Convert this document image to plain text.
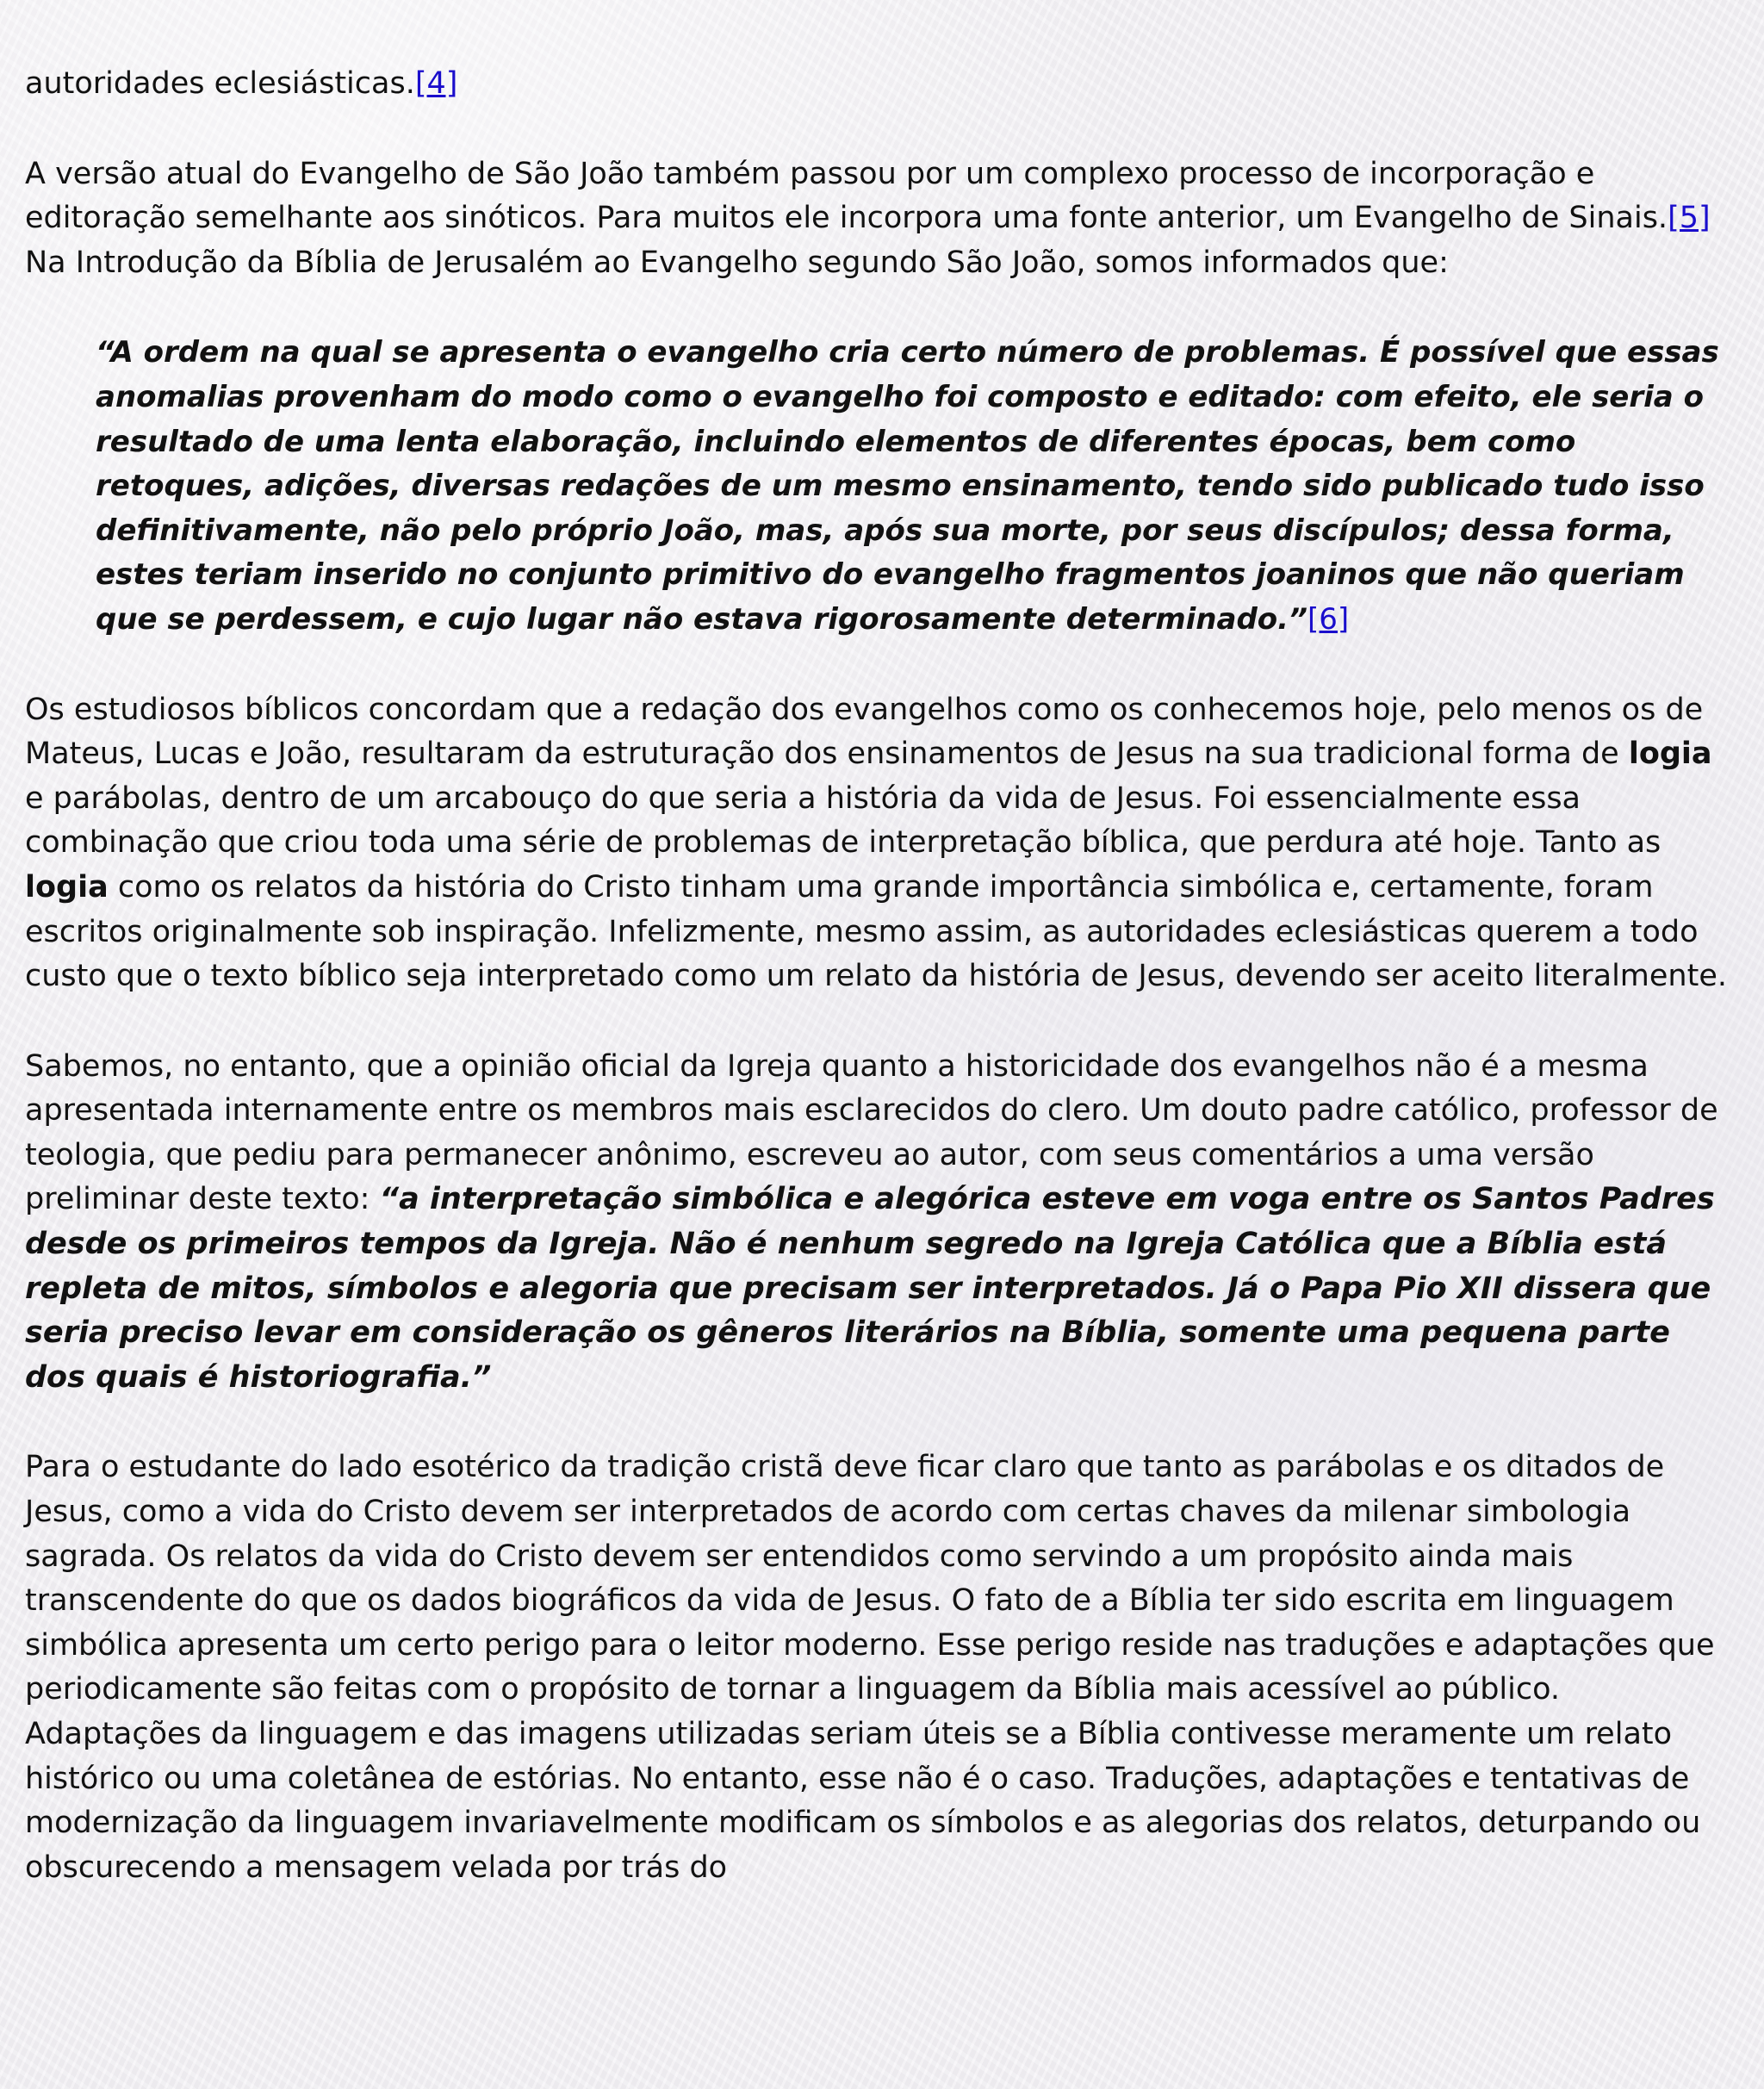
autoridades eclesiásticas.[4]

A versão atual do Evangelho de São João também passou por um complexo processo de incorporação e editoração semelhante aos sinóticos. Para muitos ele incorpora uma fonte anterior, um Evangelho de Sinais.[5] Na Introdução da Bíblia de Jerusalém ao Evangelho segundo São João, somos informados que:

“A ordem na qual se apresenta o evangelho cria certo número de problemas. É possível que essas anomalias provenham do modo como o evangelho foi composto e editado: com efeito, ele seria o resultado de uma lenta elaboração, incluindo elementos de diferentes épocas, bem como retoques, adições, diversas redações de um mesmo ensinamento, tendo sido publicado tudo isso definitivamente, não pelo próprio João, mas, após sua morte, por seus discípulos; dessa forma, estes teriam inserido no conjunto primitivo do evangelho fragmentos joaninos que não queriam que se perdessem, e cujo lugar não estava rigorosamente determinado.”[6]

Os estudiosos bíblicos concordam que a redação dos evangelhos como os conhecemos hoje, pelo menos os de Mateus, Lucas e João, resultaram da estruturação dos ensinamentos de Jesus na sua tradicional forma de logia e parábolas, dentro de um arcabouço do que seria a história da vida de Jesus. Foi essencialmente essa combinação que criou toda uma série de problemas de interpretação bíblica, que perdura até hoje. Tanto as logia como os relatos da história do Cristo tinham uma grande importância simbólica e, certamente, foram escritos originalmente sob inspiração. Infelizmente, mesmo assim, as autoridades eclesiásticas querem a todo custo que o texto bíblico seja interpretado como um relato da história de Jesus, devendo ser aceito literalmente.

Sabemos, no entanto, que a opinião oficial da Igreja quanto a historicidade dos evangelhos não é a mesma apresentada internamente entre os membros mais esclarecidos do clero. Um douto padre católico, professor de teologia, que pediu para permanecer anônimo, escreveu ao autor, com seus comentários a uma versão preliminar deste texto: “a interpretação simbólica e alegórica esteve em voga entre os Santos Padres desde os primeiros tempos da Igreja. Não é nenhum segredo na Igreja Católica que a Bíblia está repleta de mitos, símbolos e alegoria que precisam ser interpretados. Já o Papa Pio XII dissera que seria preciso levar em consideração os gêneros literários na Bíblia, somente uma pequena parte dos quais é historiografia.”

Para o estudante do lado esotérico da tradição cristã deve ficar claro que tanto as parábolas e os ditados de Jesus, como a vida do Cristo devem ser interpretados de acordo com certas chaves da milenar simbologia sagrada. Os relatos da vida do Cristo devem ser entendidos como servindo a um propósito ainda mais transcendente do que os dados biográficos da vida de Jesus. O fato de a Bíblia ter sido escrita em linguagem simbólica apresenta um certo perigo para o leitor moderno. Esse perigo reside nas traduções e adaptações que periodicamente são feitas com o propósito de tornar a linguagem da Bíblia mais acessível ao público. Adaptações da linguagem e das imagens utilizadas seriam úteis se a Bíblia contivesse meramente um relato histórico ou uma coletânea de estórias. No entanto, esse não é o caso. Traduções, adaptações e tentativas de modernização da linguagem invariavelmente modificam os símbolos e as alegorias dos relatos, deturpando ou obscurecendo a mensagem velada por trás do
